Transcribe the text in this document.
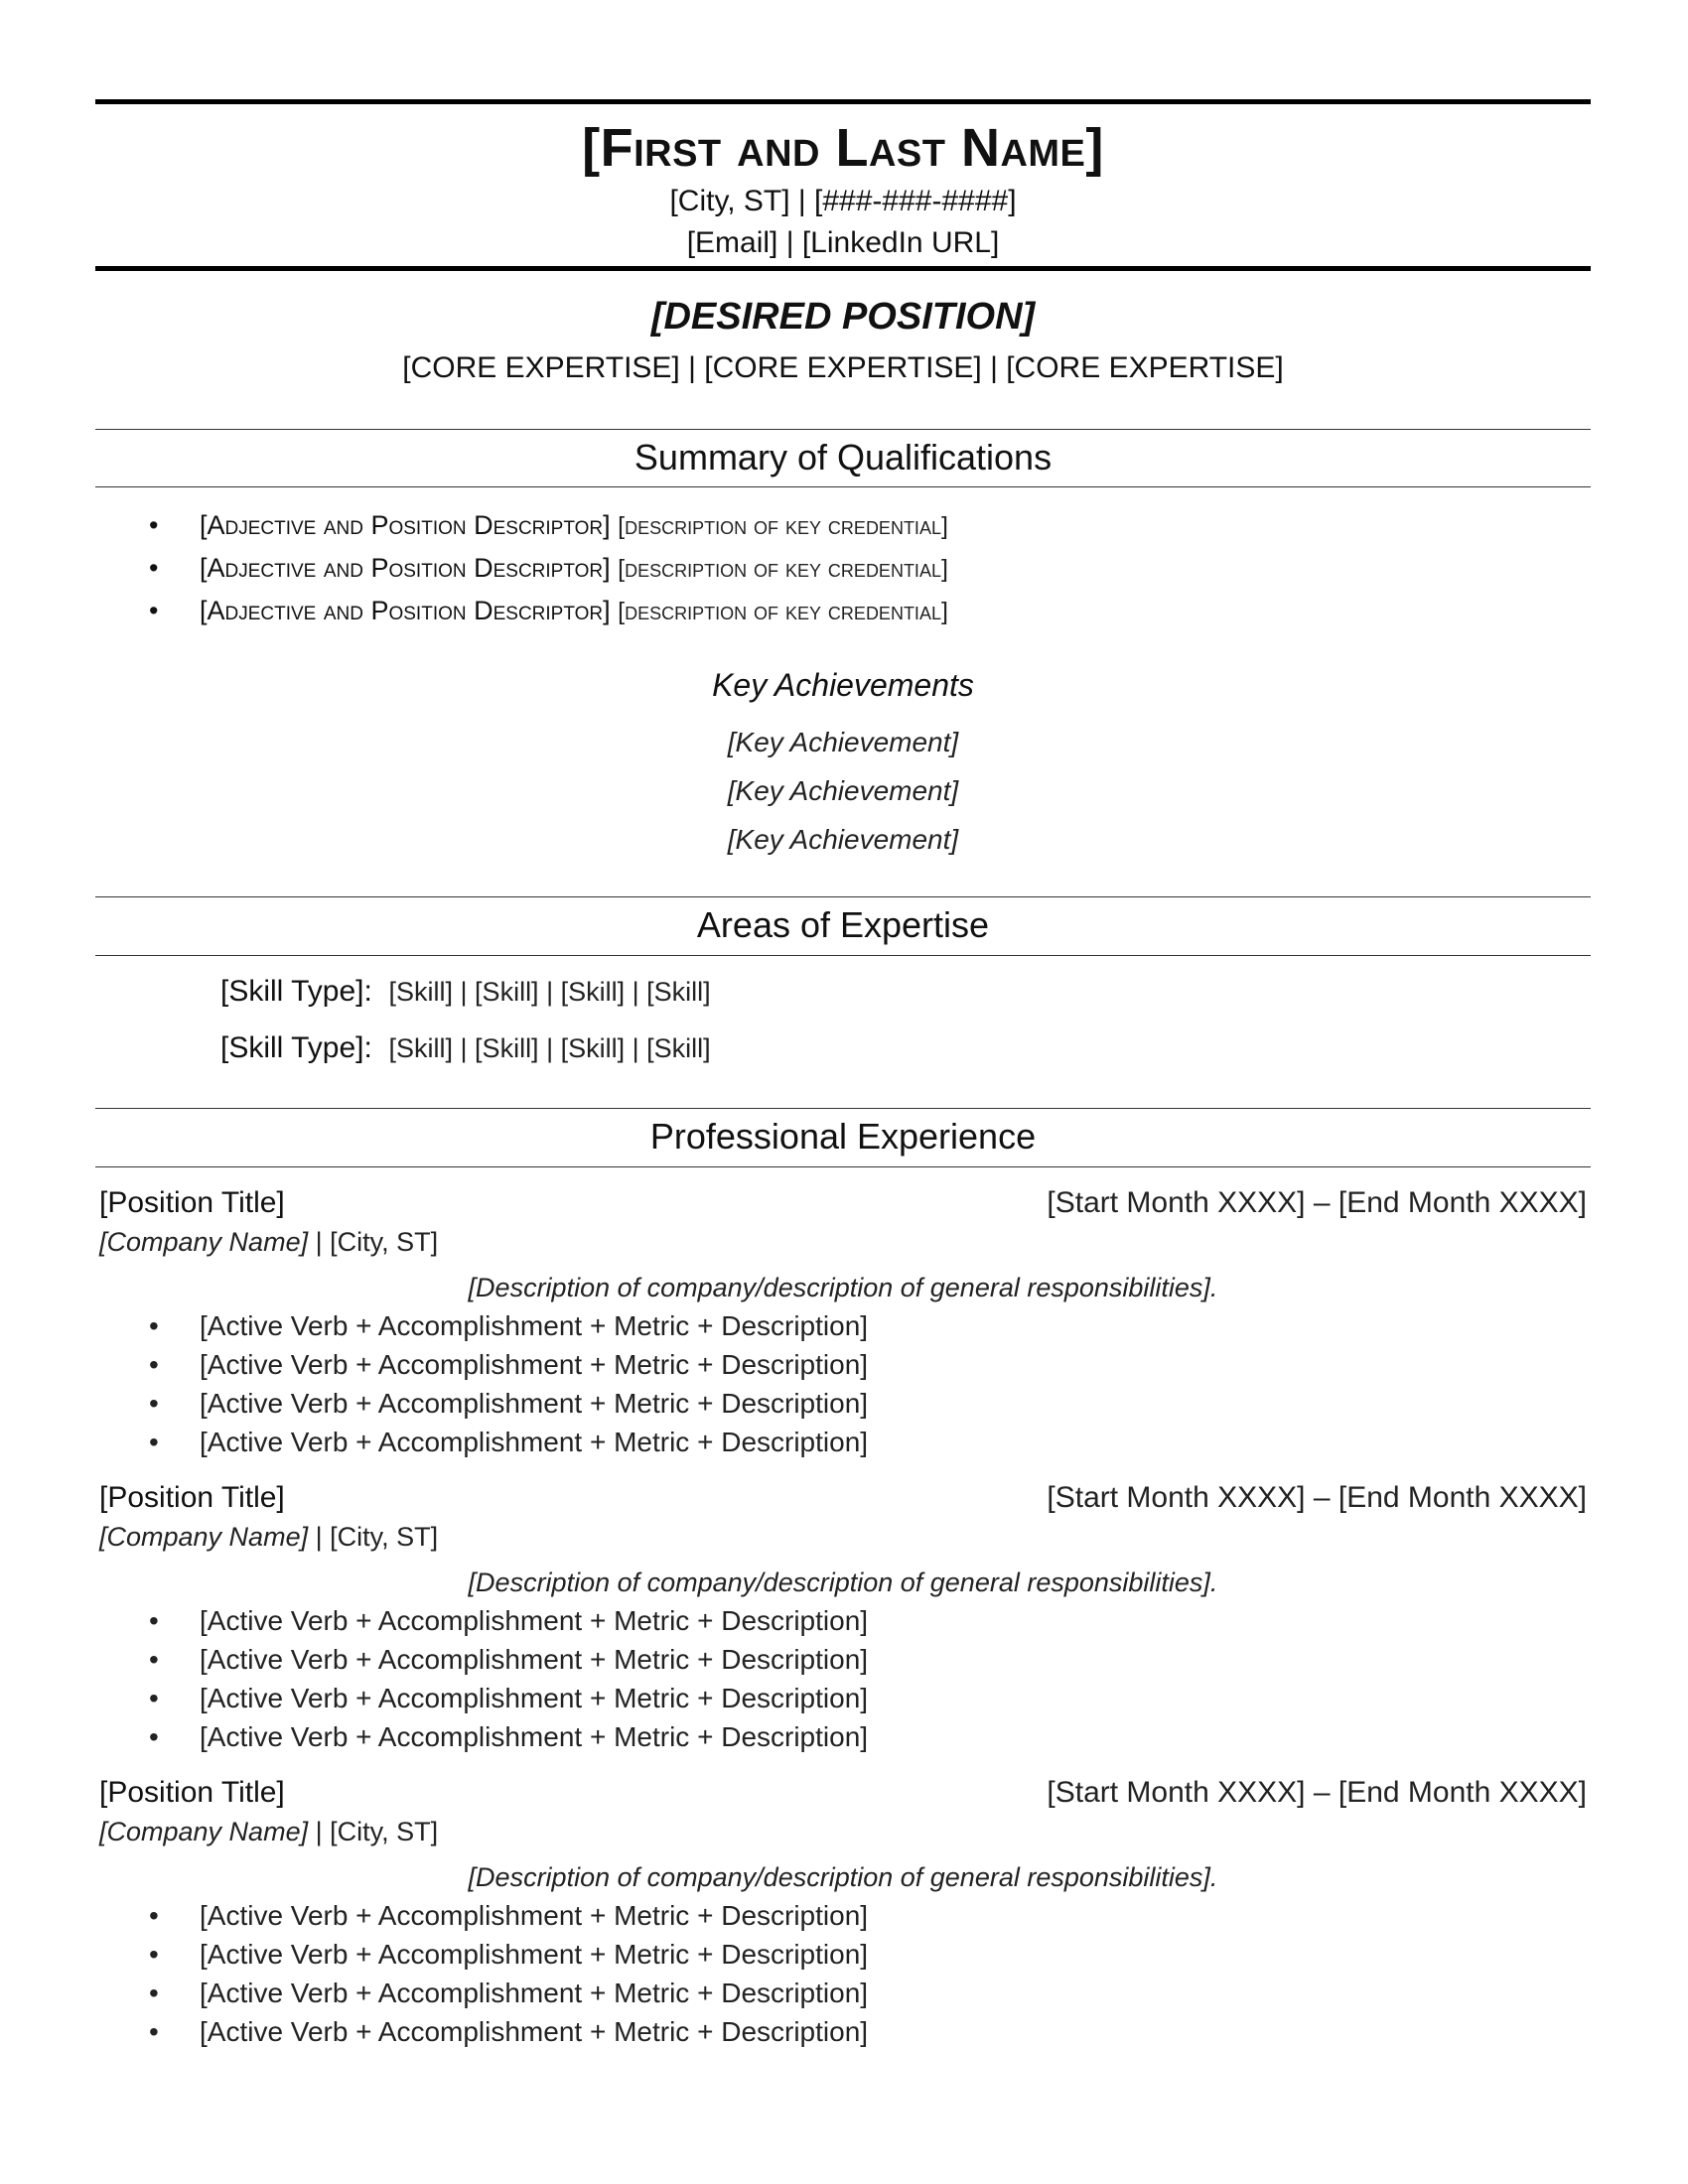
[First and Last Name]
[City, ST] | [###-###-####]
[Email] | [LinkedIn URL]
[DESIRED POSITION]
[CORE EXPERTISE] | [CORE EXPERTISE] | [CORE EXPERTISE]
Summary of Qualifications
• [Adjective and Position Descriptor] [description of key credential]
• [Adjective and Position Descriptor] [description of key credential]
• [Adjective and Position Descriptor] [description of key credential]
Key Achievements
[Key Achievement]
[Key Achievement]
[Key Achievement]
Areas of Expertise
[Skill Type]:  [Skill] | [Skill] | [Skill] | [Skill]
[Skill Type]:  [Skill] | [Skill] | [Skill] | [Skill]
Professional Experience
[Position Title]	[Start Month XXXX] – [End Month XXXX]
[Company Name] | [City, ST]
[Description of company/description of general responsibilities].
• [Active Verb + Accomplishment + Metric + Description]
• [Active Verb + Accomplishment + Metric + Description]
• [Active Verb + Accomplishment + Metric + Description]
• [Active Verb + Accomplishment + Metric + Description]
[Position Title]	[Start Month XXXX] – [End Month XXXX]
[Company Name] | [City, ST]
[Description of company/description of general responsibilities].
• [Active Verb + Accomplishment + Metric + Description]
• [Active Verb + Accomplishment + Metric + Description]
• [Active Verb + Accomplishment + Metric + Description]
• [Active Verb + Accomplishment + Metric + Description]
[Position Title]	[Start Month XXXX] – [End Month XXXX]
[Company Name] | [City, ST]
[Description of company/description of general responsibilities].
• [Active Verb + Accomplishment + Metric + Description]
• [Active Verb + Accomplishment + Metric + Description]
• [Active Verb + Accomplishment + Metric + Description]
• [Active Verb + Accomplishment + Metric + Description]
